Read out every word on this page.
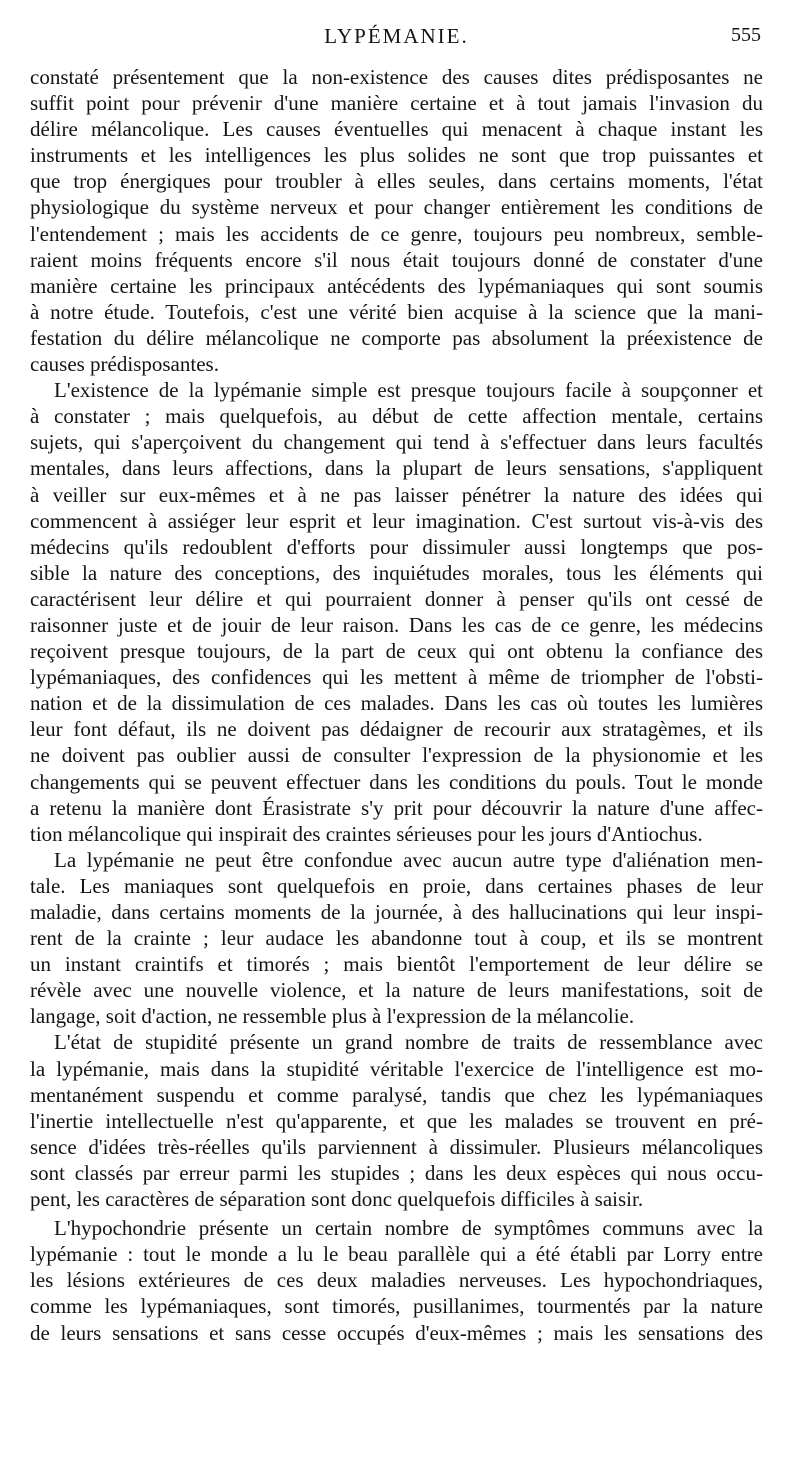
LYPÉMANIE.	555
constaté présentement que la non-existence des causes dites prédisposantes ne
suffit point pour prévenir d'une manière certaine et à tout jamais l'invasion du
délire mélancolique. Les causes éventuelles qui menacent à chaque instant les
instruments et les intelligences les plus solides ne sont que trop puissantes et
que trop énergiques pour troubler à elles seules, dans certains moments, l'état
physiologique du système nerveux et pour changer entièrement les conditions de
l'entendement ; mais les accidents de ce genre, toujours peu nombreux, semble-
raient moins fréquents encore s'il nous était toujours donné de constater d'une
manière certaine les principaux antécédents des lypémaniaques qui sont soumis
à notre étude. Toutefois, c'est une vérité bien acquise à la science que la mani-
festation du délire mélancolique ne comporte pas absolument la préexistence de
causes prédisposantes.
L'existence de la lypémanie simple est presque toujours facile à soupçonner et
à constater ; mais quelquefois, au début de cette affection mentale, certains
sujets, qui s'aperçoivent du changement qui tend à s'effectuer dans leurs facultés
mentales, dans leurs affections, dans la plupart de leurs sensations, s'appliquent
à veiller sur eux-mêmes et à ne pas laisser pénétrer la nature des idées qui
commencent à assiéger leur esprit et leur imagination. C'est surtout vis-à-vis des
médecins qu'ils redoublent d'efforts pour dissimuler aussi longtemps que pos-
sible la nature des conceptions, des inquiétudes morales, tous les éléments qui
caractérisent leur délire et qui pourraient donner à penser qu'ils ont cessé de
raisonner juste et de jouir de leur raison. Dans les cas de ce genre, les médecins
reçoivent presque toujours, de la part de ceux qui ont obtenu la confiance des
lypémaniaques, des confidences qui les mettent à même de triompher de l'obsti-
nation et de la dissimulation de ces malades. Dans les cas où toutes les lumières
leur font défaut, ils ne doivent pas dédaigner de recourir aux stratagèmes, et ils
ne doivent pas oublier aussi de consulter l'expression de la physionomie et les
changements qui se peuvent effectuer dans les conditions du pouls. Tout le monde
a retenu la manière dont Érasistrate s'y prit pour découvrir la nature d'une affec-
tion mélancolique qui inspirait des craintes sérieuses pour les jours d'Antiochus.
La lypémanie ne peut être confondue avec aucun autre type d'aliénation men-
tale. Les maniaques sont quelquefois en proie, dans certaines phases de leur
maladie, dans certains moments de la journée, à des hallucinations qui leur inspi-
rent de la crainte ; leur audace les abandonne tout à coup, et ils se montrent
un instant craintifs et timorés ; mais bientôt l'emportement de leur délire se
révèle avec une nouvelle violence, et la nature de leurs manifestations, soit de
langage, soit d'action, ne ressemble plus à l'expression de la mélancolie.
L'état de stupidité présente un grand nombre de traits de ressemblance avec
la lypémanie, mais dans la stupidité véritable l'exercice de l'intelligence est mo-
mentanément suspendu et comme paralysé, tandis que chez les lypémaniaques
l'inertie intellectuelle n'est qu'apparente, et que les malades se trouvent en pré-
sence d'idées très-réelles qu'ils parviennent à dissimuler. Plusieurs mélancoliques
sont classés par erreur parmi les stupides ; dans les deux espèces qui nous occu-
pent, les caractères de séparation sont donc quelquefois difficiles à saisir.
L'hypochondrie présente un certain nombre de symptômes communs avec la
lypémanie : tout le monde a lu le beau parallèle qui a été établi par Lorry entre
les lésions extérieures de ces deux maladies nerveuses. Les hypochondriaques,
comme les lypémaniaques, sont timorés, pusillanimes, tourmentés par la nature
de leurs sensations et sans cesse occupés d'eux-mêmes ; mais les sensations des
